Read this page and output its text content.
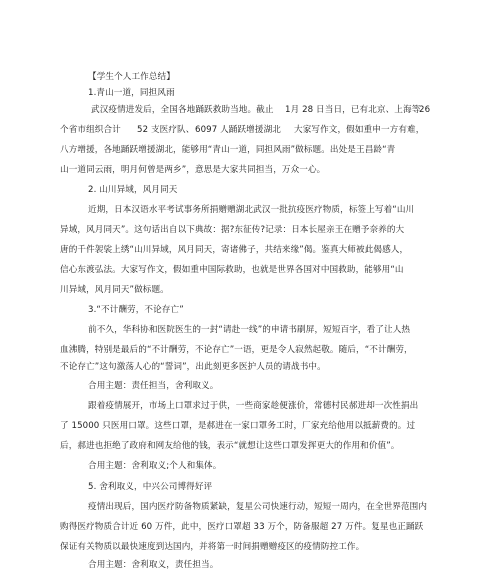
【学生个人工作总结】
1.青山一道，同担风雨
武汉疫情进发后，全国各地踊跃救助当地。截止 1月 28 日当日，已有北京、上海等
26
个省市组织合计 52 支医疗队、 6097 人踊跃增援湖北 大家写作文，假如重申一方有难，
八方增援，各地踊跃增援湖北，能够用“青山一道，同担风雨”做标题。出处是王昌龄“青
山一道同云雨，明月何曾是两乡”，意思是大家共同担当，万众一心。
2. 山川异域，风月同天
近期，日本汉语水平考试事务所捐赠赠湖北武汉一批抗疫医疗物质，标签上写着“山川
异域，风月同天”。这句话出自以下典故：据?东征传?记录：日本长屋亲王在赠予奈养的大
唐的千件袈裟上绣“山川异域，风月同天，寄诸佛子，共结来缘”偈。鉴真大师被此偈感人，
信心东渡弘法。大家写作文，假如重申国际救助，也就是世界各国对中国救助，能够用“山
川异域，风月同天”做标题。
3.“不计酬劳，不论存亡”
前不久，华科协和医院医生的一封“请赴一线”的申请书刷屏，短短百字，看了让人热
血沸腾，特别是最后的“不计酬劳，不论存亡”一语，更是令人寂然起敬。随后，“不计酬劳，
不论存亡”这句激荡人心的“誓词”，出此刻更多医护人员的请战书中。
合用主题：责任担当，舍利取义。
跟着疫情展开，市场上口罩求过于供，一些商家趁便涨价，常德村民郝进却一次性捐出
了 15000 只医用口罩。这些口罩，是郝进在一家口罩务工时，厂家充给他用以抵薪费的。过
后，郝进也拒绝了政府和网友给他的钱，表示“就想让这些口罩发挥更大的作用和价值”。
合用主题：舍利取义;个人和集体。
5. 舍利取义，中兴公司博得好评
疫情出现后，国内医疗防备物质紧缺，复星公司快速行动，短短一周内，在全世界范围内
购得医疗物质合计近 60 万件，此中，医疗口罩超 33 万个，防备服超 27 万件。复星也正踊跃
保证有关物质以最快速度到达国内，并将第一时间捐赠赠疫区的疫情防控工作。
合用主题：舍利取义，责任担当。
